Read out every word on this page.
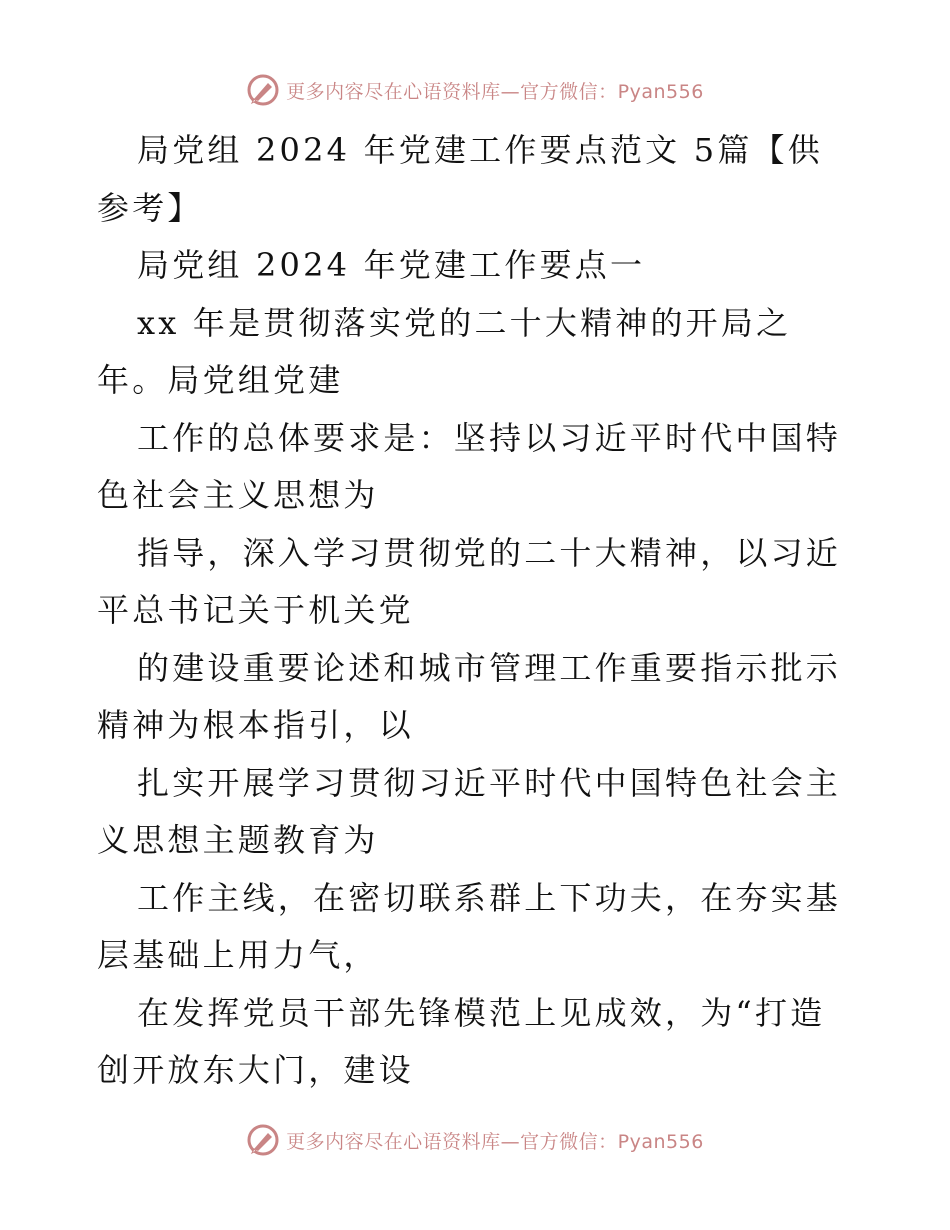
更多内容尽在心语资料库—官方微信：Pyan556

局党组 2024 年党建工作要点范文 5篇【供参考】

局党组 2024 年党建工作要点一

xx 年是贯彻落实党的二十大精神的开局之年。局党组党建

工作的总体要求是：坚持以习近平时代中国特色社会主义思想为

指导，深入学习贯彻党的二十大精神，以习近平总书记关于机关党

的建设重要论述和城市管理工作重要指示批示精神为根本指引，以

扎实开展学习贯彻习近平时代中国特色社会主义思想主题教育为

工作主线，在密切联系群上下功夫，在夯实基层基础上用力气，

在发挥党员干部先锋模范上见成效，为“打造创开放东大门，建设

更多内容尽在心语资料库—官方微信：Pyan556
